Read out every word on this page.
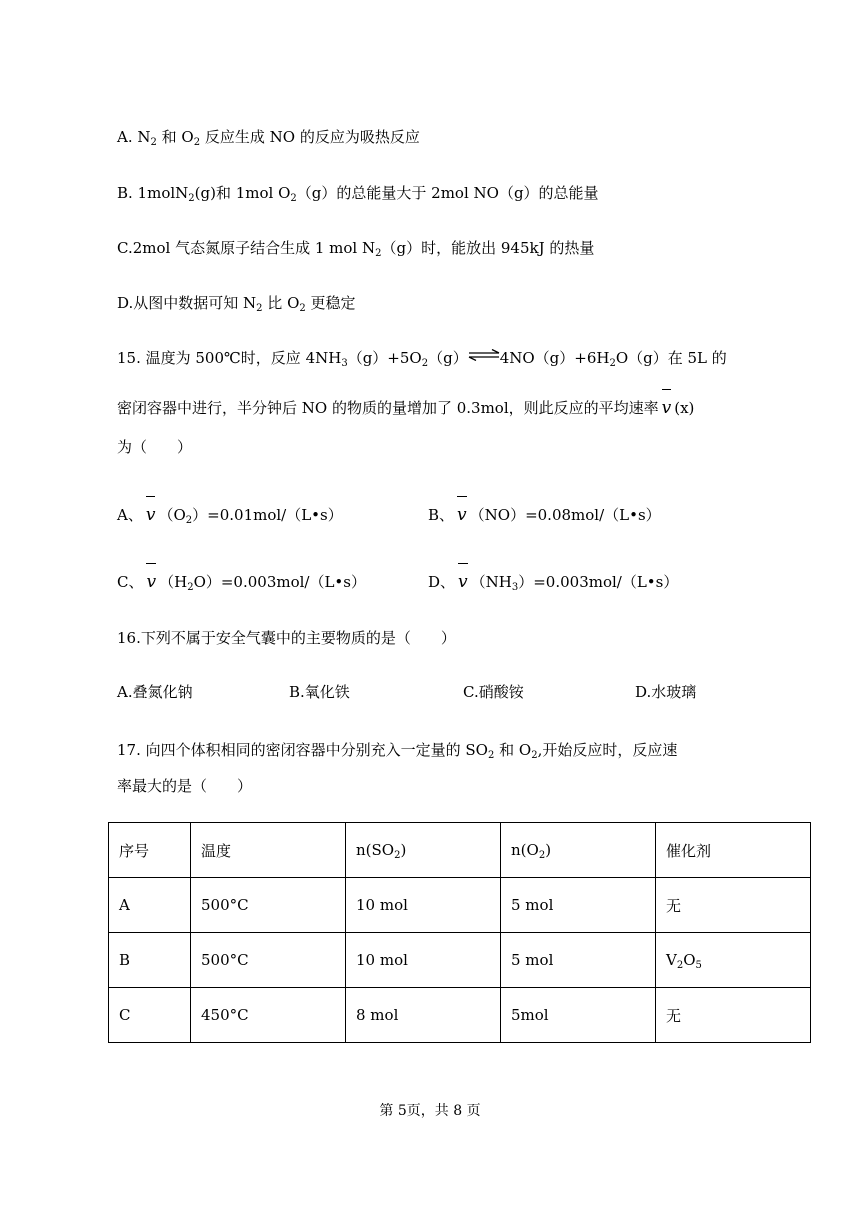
A. $N_2$ 和 $O_2$ 反应生成 NO 的反应为吸热反应
B. 1molN$_2$(g)和 1mol $O_2(g)$的总能量大于 2mol NO（g）的总能量
C.2mol 气态氮原子结合生成 1 mol $N_2(g)$时，能放出 945kJ 的热量
D.从图中数据可知 $N_2$ 比 $O_2$ 更稳定
15. 温度为 500℃时，反应 $4NH_3(g)+5O_2(g)\rightleftharpoons 4NO(g)+6H_2O(g)$在 5L 的
密闭容器中进行，半分钟后 NO 的物质的量增加了 0.3mol，则此反应的平均速率 v (x)
为（　　）
A、 v $(O_2)=0.01mol/(L•s)$	B、 v （NO）=0.08mol/（L•s）
C、 v $(H_2O)=0.003mol/(L•s)$	D、 v $(NH_3)=0.003mol/(L•s)$
16.下列不属于安全气囊中的主要物质的是（　　）
A.叠氮化钠	B.氧化铁	C.硝酸铵	D.水玻璃
17. 向四个体积相同的密闭容器中分别充入一定量的 $SO_2$ 和 $O_2$,开始反应时，反应速
率最大的是（　　）
序号	温度	$n(SO_2)$	$n(O_2)$	催化剂
A	500°C	10 mol	5 mol	无
B	500°C	10 mol	5 mol	$V_2O_5$
C	450°C	8 mol	5mol	无
第 5页，共 8 页
